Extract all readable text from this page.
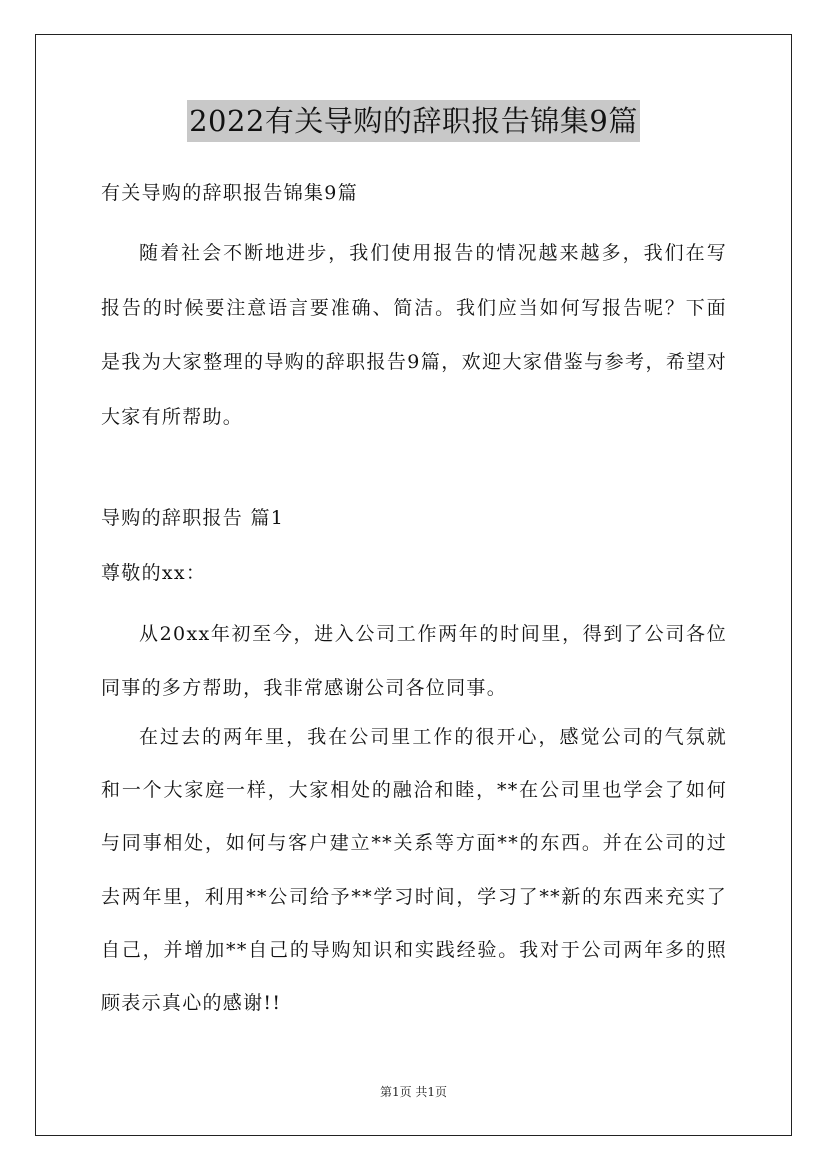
2022有关导购的辞职报告锦集9篇

有关导购的辞职报告锦集9篇

随着社会不断地进步，我们使用报告的情况越来越多，我们在写报告的时候要注意语言要准确、简洁。我们应当如何写报告呢？下面是我为大家整理的导购的辞职报告9篇，欢迎大家借鉴与参考，希望对大家有所帮助。

导购的辞职报告 篇1

尊敬的xx：

从20xx年初至今，进入公司工作两年的时间里，得到了公司各位同事的多方帮助，我非常感谢公司各位同事。

在过去的两年里，我在公司里工作的很开心，感觉公司的气氛就和一个大家庭一样，大家相处的融洽和睦，**在公司里也学会了如何与同事相处，如何与客户建立**关系等方面**的东西。并在公司的过去两年里，利用**公司给予**学习时间，学习了**新的东西来充实了自己，并增加**自己的导购知识和实践经验。我对于公司两年多的照顾表示真心的感谢!!

第1页 共1页
